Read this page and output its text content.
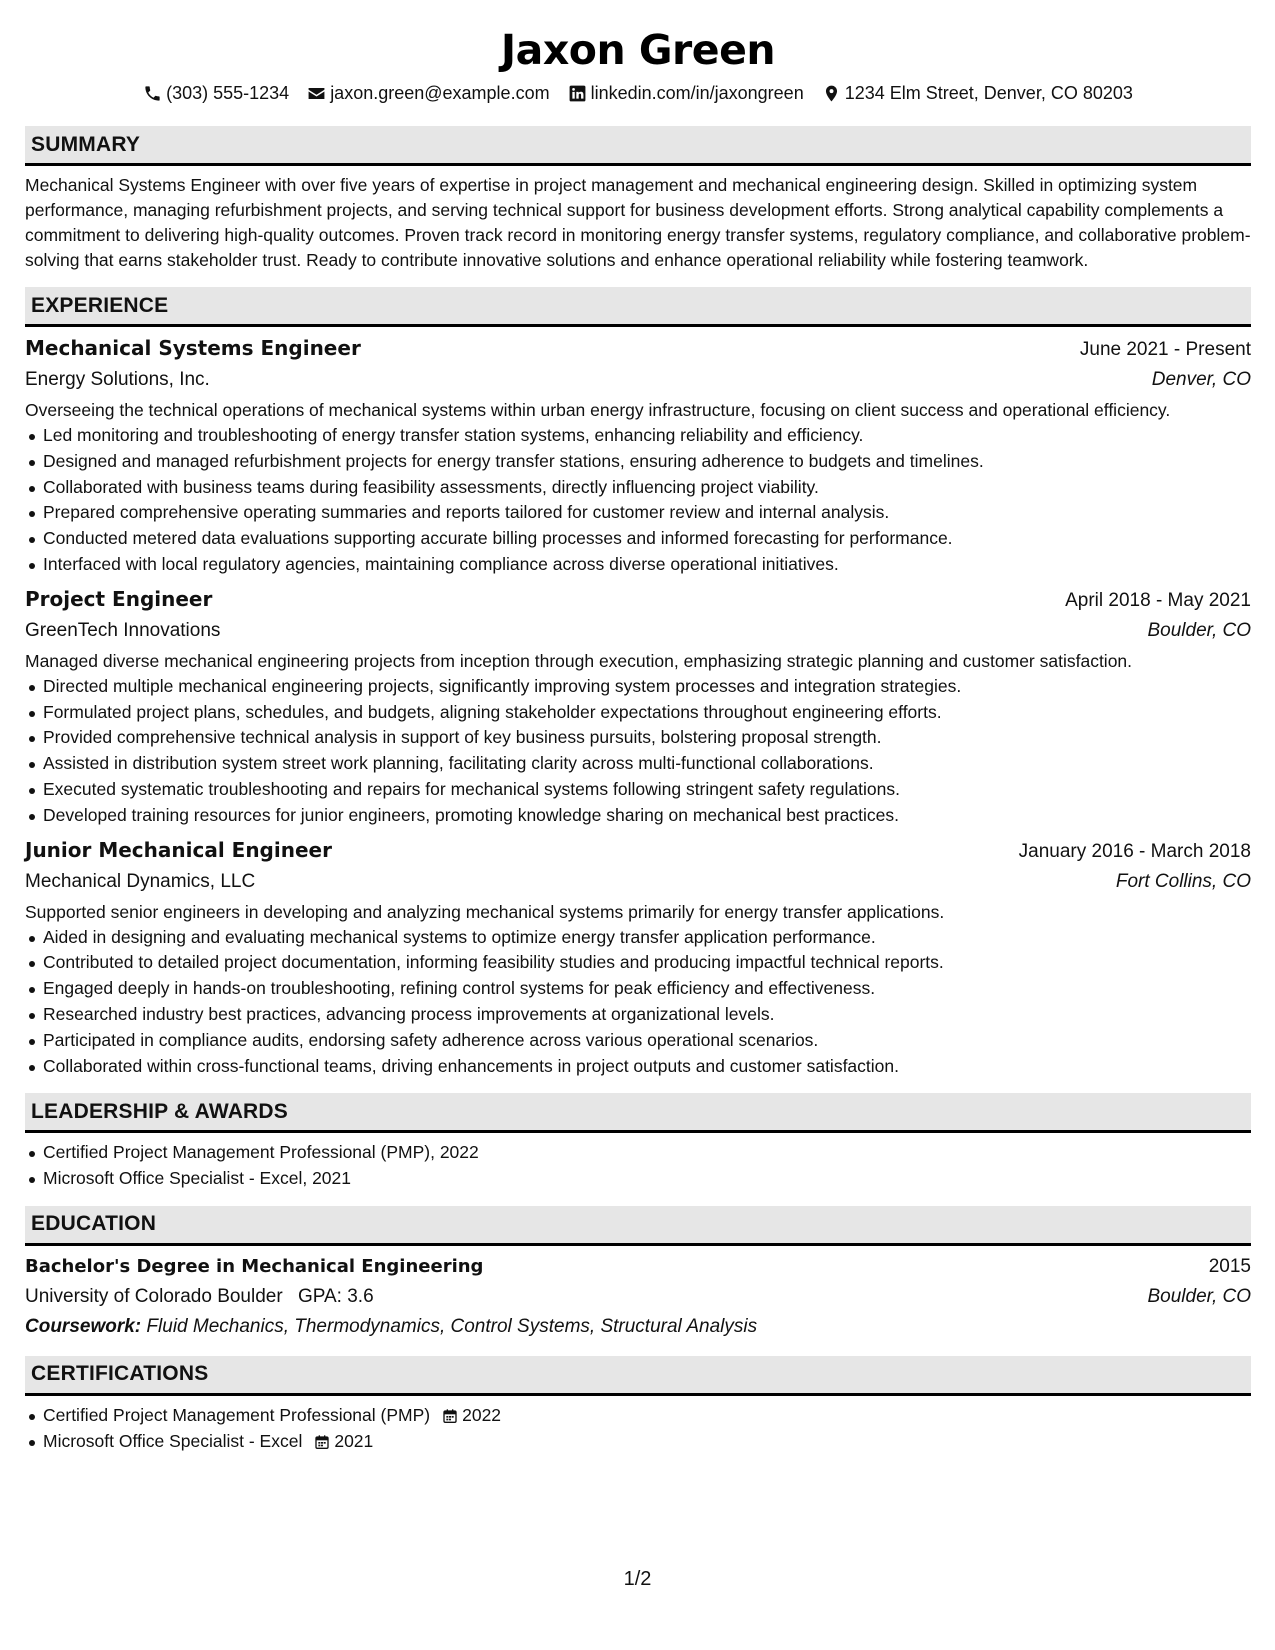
Jaxon Green
(303) 555-1234 jaxon.green@example.com linkedin.com/in/jaxongreen 1234 Elm Street, Denver, CO 80203
SUMMARY

Mechanical Systems Engineer with over five years of expertise in project management and mechanical engineering design. Skilled in optimizing system performance, managing refurbishment projects, and serving technical support for business development efforts. Strong analytical capability complements a commitment to delivering high-quality outcomes. Proven track record in monitoring energy transfer systems, regulatory compliance, and collaborative problem-solving that earns stakeholder trust. Ready to contribute innovative solutions and enhance operational reliability while fostering teamwork.

EXPERIENCE
Mechanical Systems Engineer	June 2021 - Present
Energy Solutions, Inc.	Denver, CO

Overseeing the technical operations of mechanical systems within urban energy infrastructure, focusing on client success and operational efficiency.

Led monitoring and troubleshooting of energy transfer station systems, enhancing reliability and efficiency.
Designed and managed refurbishment projects for energy transfer stations, ensuring adherence to budgets and timelines.
Collaborated with business teams during feasibility assessments, directly influencing project viability.
Prepared comprehensive operating summaries and reports tailored for customer review and internal analysis.
Conducted metered data evaluations supporting accurate billing processes and informed forecasting for performance.
Interfaced with local regulatory agencies, maintaining compliance across diverse operational initiatives.
Project Engineer	April 2018 - May 2021
GreenTech Innovations	Boulder, CO

Managed diverse mechanical engineering projects from inception through execution, emphasizing strategic planning and customer satisfaction.

Directed multiple mechanical engineering projects, significantly improving system processes and integration strategies.
Formulated project plans, schedules, and budgets, aligning stakeholder expectations throughout engineering efforts.
Provided comprehensive technical analysis in support of key business pursuits, bolstering proposal strength.
Assisted in distribution system street work planning, facilitating clarity across multi-functional collaborations.
Executed systematic troubleshooting and repairs for mechanical systems following stringent safety regulations.
Developed training resources for junior engineers, promoting knowledge sharing on mechanical best practices.
Junior Mechanical Engineer	January 2016 - March 2018
Mechanical Dynamics, LLC	Fort Collins, CO

Supported senior engineers in developing and analyzing mechanical systems primarily for energy transfer applications.

Aided in designing and evaluating mechanical systems to optimize energy transfer application performance.
Contributed to detailed project documentation, informing feasibility studies and producing impactful technical reports.
Engaged deeply in hands-on troubleshooting, refining control systems for peak efficiency and effectiveness.
Researched industry best practices, advancing process improvements at organizational levels.
Participated in compliance audits, endorsing safety adherence across various operational scenarios.
Collaborated within cross-functional teams, driving enhancements in project outputs and customer satisfaction.
LEADERSHIP & AWARDS
Certified Project Management Professional (PMP), 2022
Microsoft Office Specialist - Excel, 2021
EDUCATION
Bachelor's Degree in Mechanical Engineering	2015
University of Colorado Boulder GPA: 3.6	Boulder, CO
Coursework: Fluid Mechanics, Thermodynamics, Control Systems, Structural Analysis
CERTIFICATIONS
Certified Project Management Professional (PMP) 2022
Microsoft Office Specialist - Excel 2021
1/2
